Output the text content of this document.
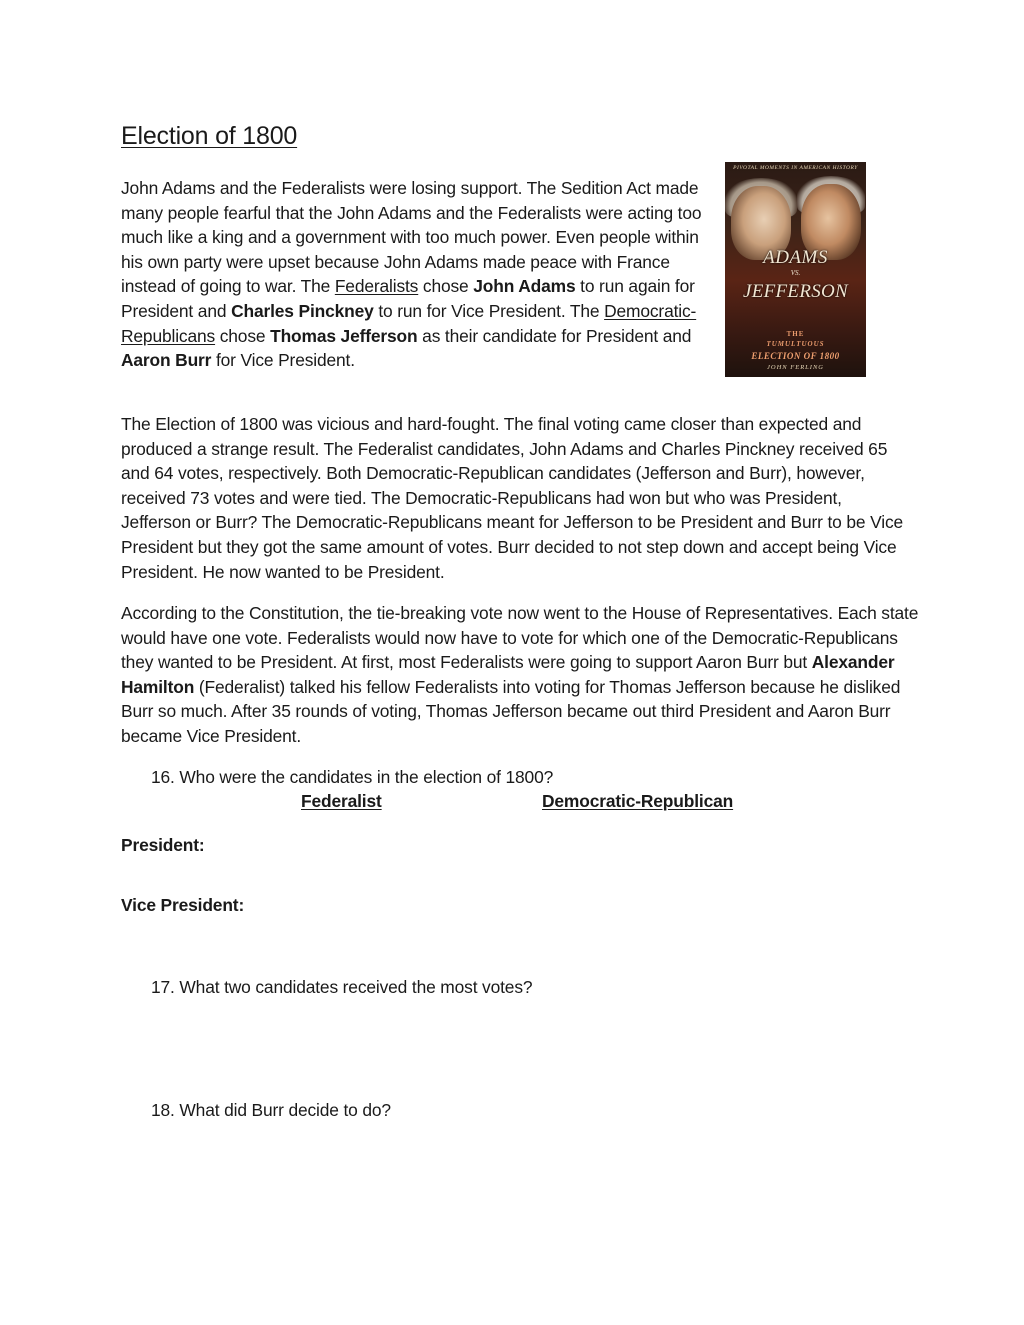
Election of 1800

John Adams and the Federalists were losing support. The Sedition Act made many people fearful that the John Adams and the Federalists were acting too much like a king and a government with too much power. Even people within his own party were upset because John Adams made peace with France instead of going to war. The Federalists chose John Adams to run again for President and Charles Pinckney to run for Vice President. The Democratic-Republicans chose Thomas Jefferson as their candidate for President and Aaron Burr for Vice President.

PIVOTAL MOMENTS IN AMERICAN HISTORY
ADAMS
VS.
JEFFERSON
THE
TUMULTUOUS
ELECTION OF 1800
JOHN FERLING

The Election of 1800 was vicious and hard-fought. The final voting came closer than expected and produced a strange result. The Federalist candidates, John Adams and Charles Pinckney received 65 and 64 votes, respectively. Both Democratic-Republican candidates (Jefferson and Burr), however, received 73 votes and were tied. The Democratic-Republicans had won but who was President, Jefferson or Burr? The Democratic-Republicans meant for Jefferson to be President and Burr to be Vice President but they got the same amount of votes. Burr decided to not step down and accept being Vice President. He now wanted to be President.

According to the Constitution, the tie-breaking vote now went to the House of Representatives. Each state would have one vote. Federalists would now have to vote for which one of the Democratic-Republicans they wanted to be President. At first, most Federalists were going to support Aaron Burr but Alexander Hamilton (Federalist) talked his fellow Federalists into voting for Thomas Jefferson because he disliked Burr so much. After 35 rounds of voting, Thomas Jefferson became out third President and Aaron Burr became Vice President.

16. Who were the candidates in the election of 1800?

Federalist	Democratic-Republican

President:

Vice President:

17. What two candidates received the most votes?

18. What did Burr decide to do?
